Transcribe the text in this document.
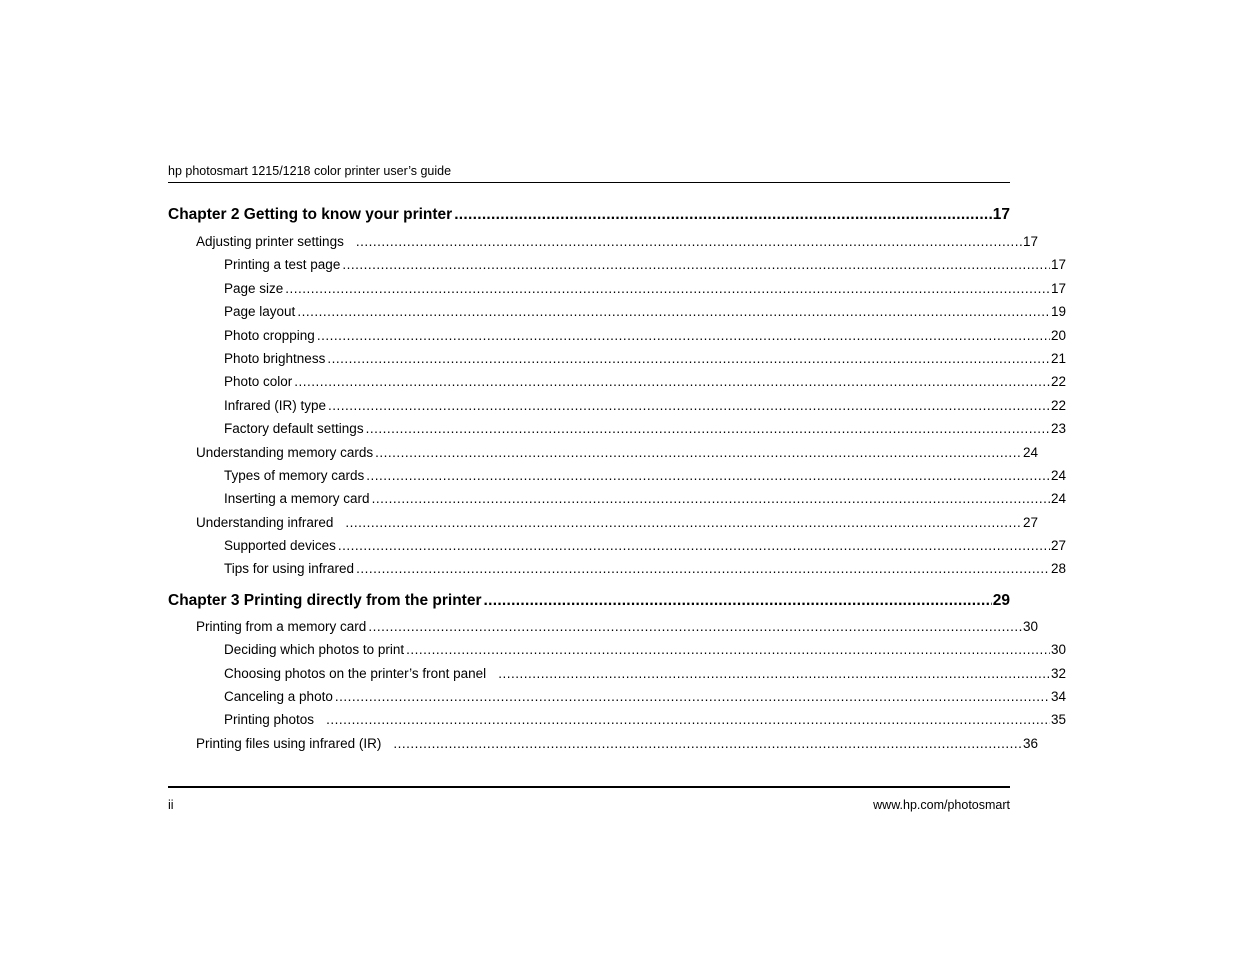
hp photosmart 1215/1218 color printer user’s guide
Chapter 2 Getting to know your printer .....	17
Adjusting printer settings .....	17
Printing a test page .....	17
Page size .....	17
Page layout .....	19
Photo cropping .....	20
Photo brightness .....	21
Photo color .....	22
Infrared (IR) type .....	22
Factory default settings .....	23
Understanding memory cards .....	24
Types of memory cards .....	24
Inserting a memory card .....	24
Understanding infrared .....	27
Supported devices .....	27
Tips for using infrared .....	28
Chapter 3 Printing directly from the printer .....	29
Printing from a memory card .....	30
Deciding which photos to print .....	30
Choosing photos on the printer’s front panel .....	32
Canceling a photo .....	34
Printing photos .....	35
Printing files using infrared (IR) .....	36
ii	www.hp.com/photosmart
